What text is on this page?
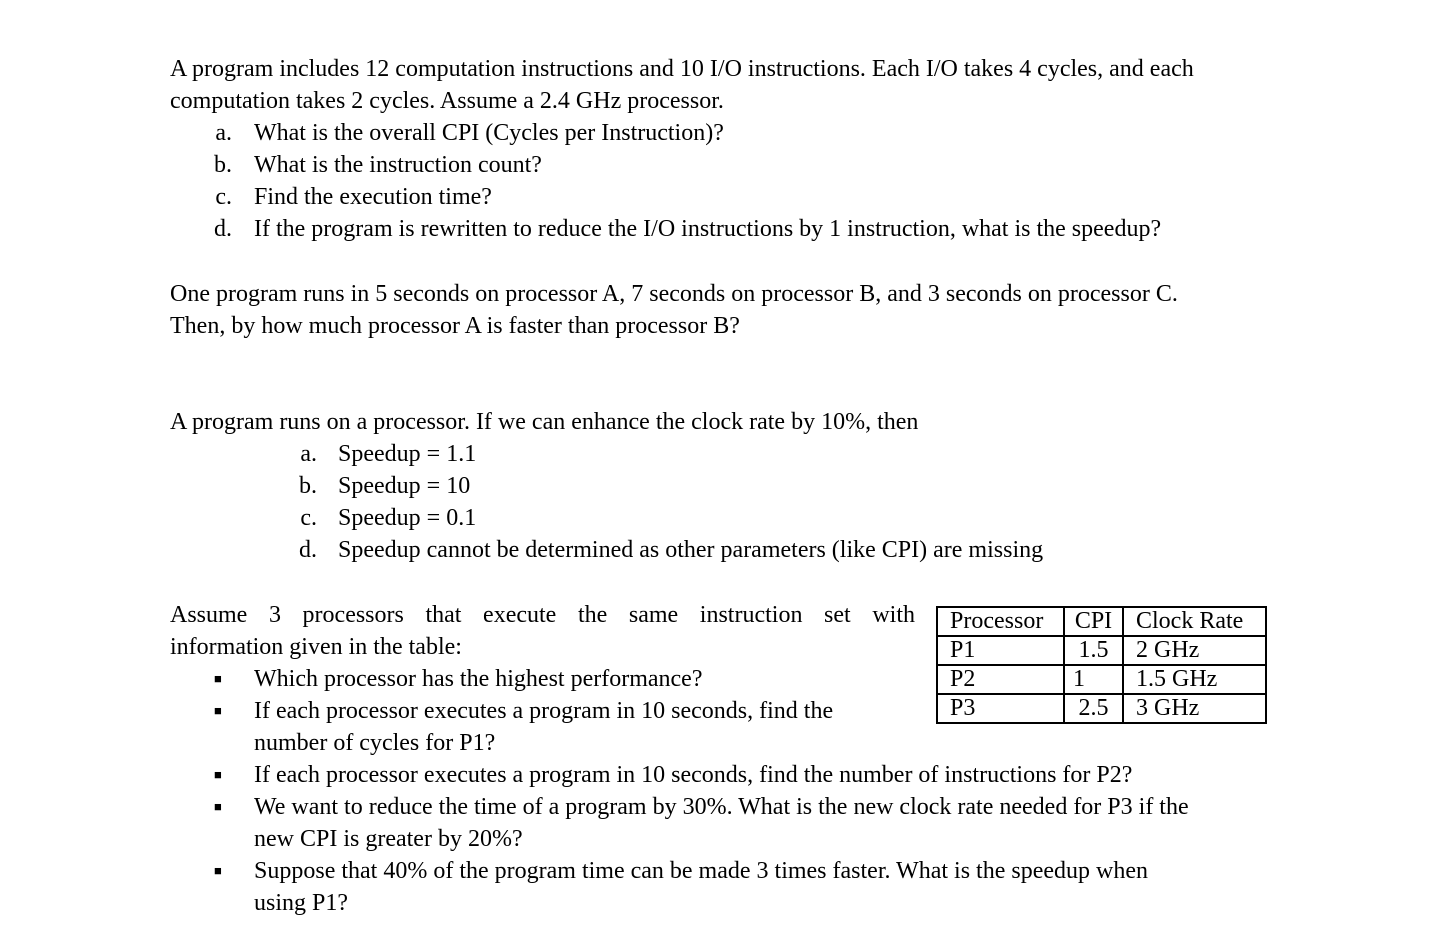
A program includes 12 computation instructions and 10 I/O instructions. Each I/O takes 4 cycles, and each
computation takes 2 cycles. Assume a 2.4 GHz processor.

a. What is the overall CPI (Cycles per Instruction)?
b. What is the instruction count?
c. Find the execution time?
d. If the program is rewritten to reduce the I/O instructions by 1 instruction, what is the speedup?

One program runs in 5 seconds on processor A, 7 seconds on processor B, and 3 seconds on processor C.
Then, by how much processor A is faster than processor B?

A program runs on a processor. If we can enhance the clock rate by 10%, then

a. Speedup = 1.1
b. Speedup = 10
c. Speedup = 0.1
d. Speedup cannot be determined as other parameters (like CPI) are missing

Assume 3 processors that execute the same instruction set with
information given in the table:

■ Which processor has the highest performance?
■ If each processor executes a program in 10 seconds, find the
number of cycles for P1?
■ If each processor executes a program in 10 seconds, find the number of instructions for P2?
■ We want to reduce the time of a program by 30%. What is the new clock rate needed for P3 if the
new CPI is greater by 20%?
■ Suppose that 40% of the program time can be made 3 times faster. What is the speedup when
using P1?
Processor	CPI	Clock Rate
P1	1.5	2 GHz
P2	1	1.5 GHz
P3	2.5	3 GHz
